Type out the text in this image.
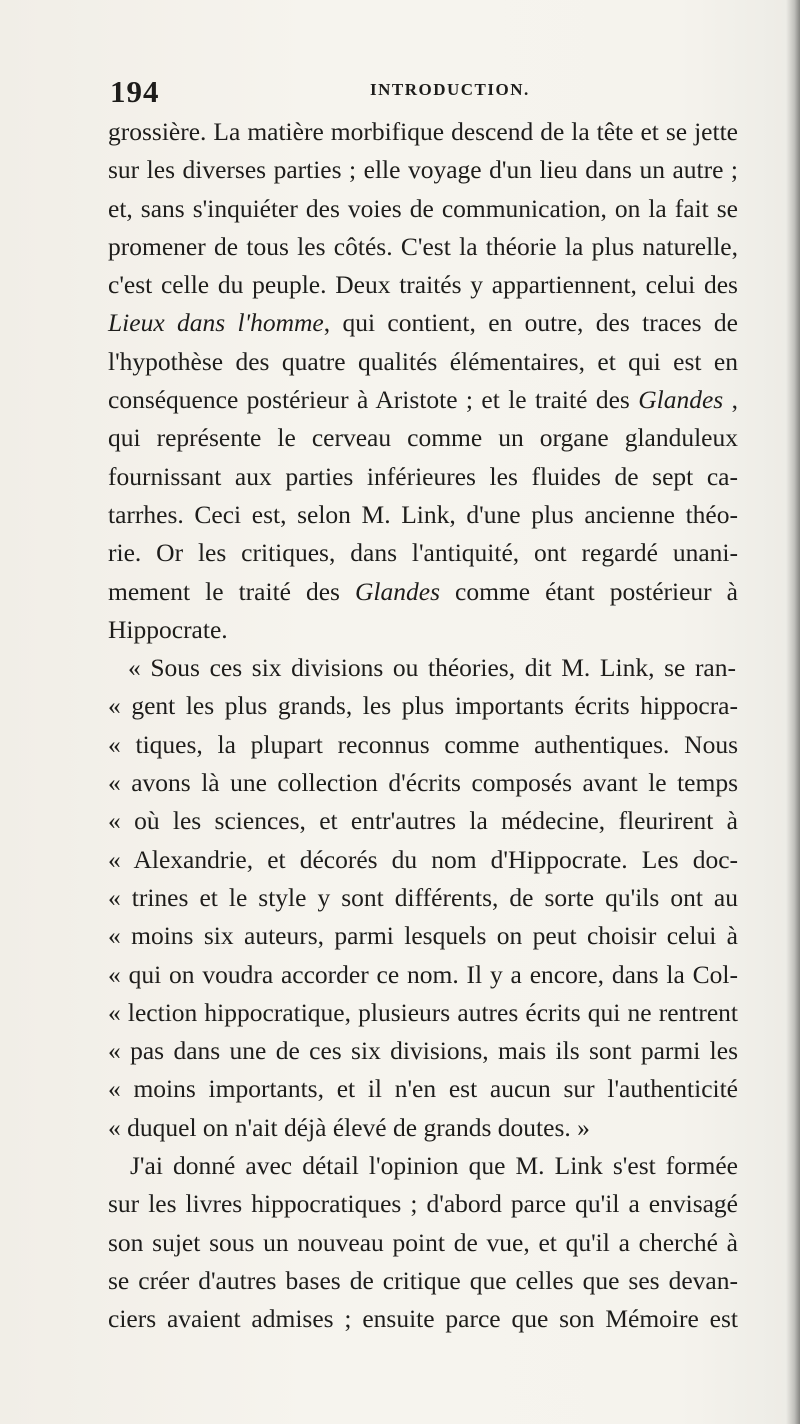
194	INTRODUCTION.
grossière. La matière morbifique descend de la tête et se jette
sur les diverses parties ; elle voyage d'un lieu dans un autre ;
et, sans s'inquiéter des voies de communication, on la fait se
promener de tous les côtés. C'est la théorie la plus naturelle,
c'est celle du peuple. Deux traités y appartiennent, celui des
Lieux dans l'homme, qui contient, en outre, des traces de
l'hypothèse des quatre qualités élémentaires, et qui est en
conséquence postérieur à Aristote ; et le traité des Glandes ,
qui représente le cerveau comme un organe glanduleux
fournissant aux parties inférieures les fluides de sept ca-
tarrhes. Ceci est, selon M. Link, d'une plus ancienne théo-
rie. Or les critiques, dans l'antiquité, ont regardé unani-
mement le traité des Glandes comme étant postérieur à
Hippocrate.
« Sous ces six divisions ou théories, dit M. Link, se ran-
« gent les plus grands, les plus importants écrits hippocra-
« tiques, la plupart reconnus comme authentiques. Nous
« avons là une collection d'écrits composés avant le temps
« où les sciences, et entr'autres la médecine, fleurirent à
« Alexandrie, et décorés du nom d'Hippocrate. Les doc-
« trines et le style y sont différents, de sorte qu'ils ont au
« moins six auteurs, parmi lesquels on peut choisir celui à
« qui on voudra accorder ce nom. Il y a encore, dans la Col-
« lection hippocratique, plusieurs autres écrits qui ne rentrent
« pas dans une de ces six divisions, mais ils sont parmi les
« moins importants, et il n'en est aucun sur l'authenticité
« duquel on n'ait déjà élevé de grands doutes. »
J'ai donné avec détail l'opinion que M. Link s'est formée
sur les livres hippocratiques ; d'abord parce qu'il a envisagé
son sujet sous un nouveau point de vue, et qu'il a cherché à
se créer d'autres bases de critique que celles que ses devan-
ciers avaient admises ; ensuite parce que son Mémoire est
